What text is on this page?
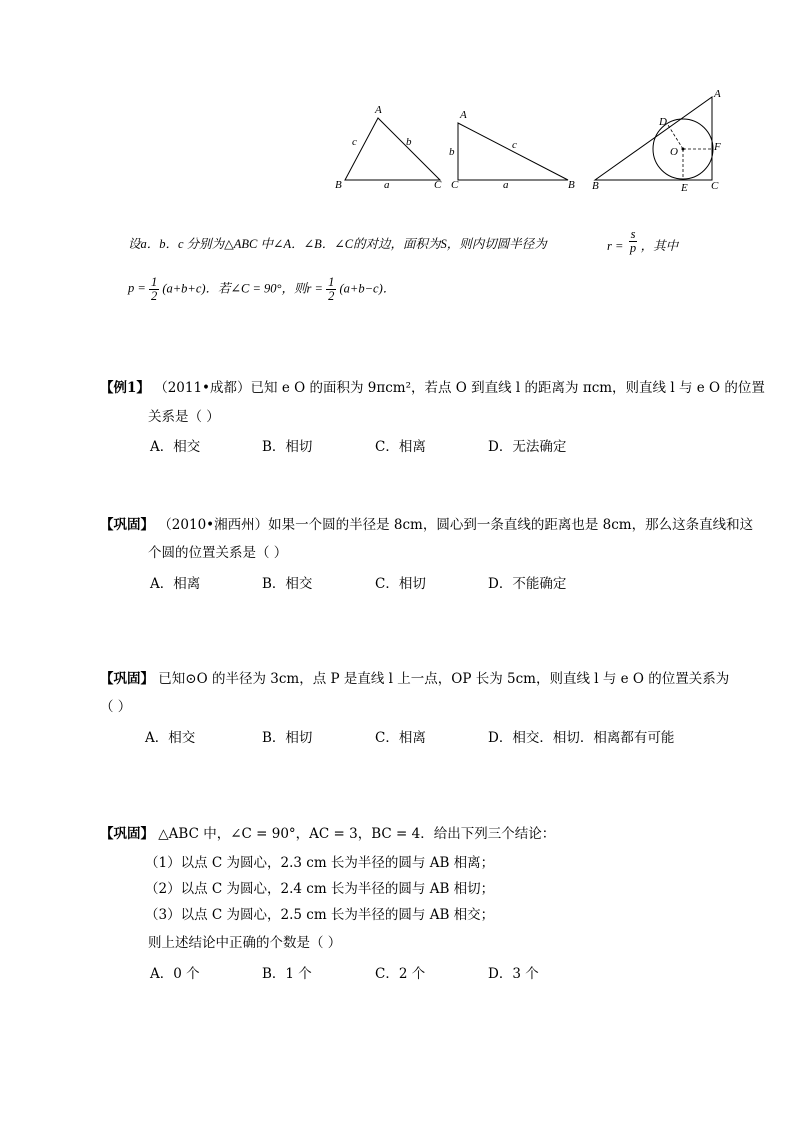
A
B	C
c	b
a
A
b
c
C	a	B
A
D
O	F
B	E C
设a．b．c 分别为△ABC 中∠A．∠B．∠C的对边，面积为S，则内切圆半径为	$r = \frac{s}{p}$ ，其中
$p = \frac{1}{2} (a+b+c)$．若∠C = 90°，则$r = \frac{1}{2} (a+b-c)$．
【例1】 （2011•成都）已知 e O 的面积为 9πcm²，若点 O 到直线 l 的距离为 πcm，则直线 l 与 e O 的位置
关系是（ ）
A．相交	B．相切	C．相离	D．无法确定
【巩固】 （2010•湘西州）如果一个圆的半径是 8cm，圆心到一条直线的距离也是 8cm，那么这条直线和这
个圆的位置关系是（ ）
A．相离	B．相交	C．相切	D．不能确定
【巩固】 已知⊙O 的半径为 3cm，点 P 是直线 l 上一点，OP 长为 5cm，则直线 l 与 e O 的位置关系为
（ ）
A．相交	B．相切	C．相离	D．相交．相切．相离都有可能
【巩固】 △ABC 中，∠C = 90°，AC = 3，BC = 4．给出下列三个结论：
（1）以点 C 为圆心，2.3 cm 长为半径的圆与 AB 相离；
（2）以点 C 为圆心，2.4 cm 长为半径的圆与 AB 相切；
（3）以点 C 为圆心，2.5 cm 长为半径的圆与 AB 相交；
则上述结论中正确的个数是（ ）
A．0 个	B．1 个	C．2 个	D．3 个
